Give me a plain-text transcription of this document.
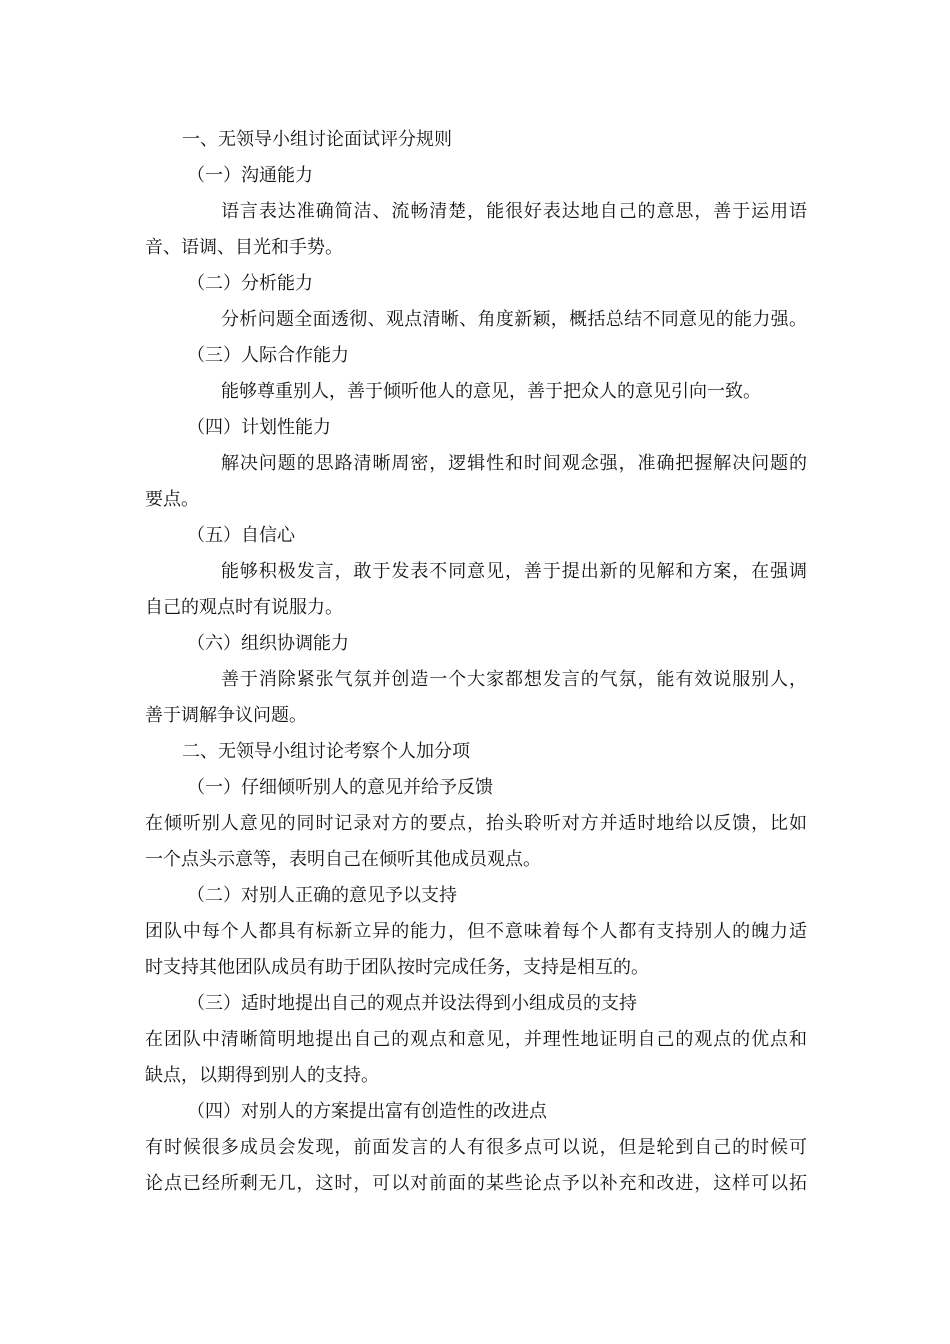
一、无领导小组讨论面试评分规则
（一）沟通能力
语言表达准确简洁、流畅清楚，能很好表达地自己的意思，善于运用语
音、语调、目光和手势。
（二）分析能力
分析问题全面透彻、观点清晰、角度新颖，概括总结不同意见的能力强。
（三）人际合作能力
能够尊重别人，善于倾听他人的意见，善于把众人的意见引向一致。
（四）计划性能力
解决问题的思路清晰周密，逻辑性和时间观念强，准确把握解决问题的
要点。
（五）自信心
能够积极发言，敢于发表不同意见，善于提出新的见解和方案，在强调
自己的观点时有说服力。
（六）组织协调能力
善于消除紧张气氛并创造一个大家都想发言的气氛，能有效说服别人，
善于调解争议问题。
二、无领导小组讨论考察个人加分项
（一）仔细倾听别人的意见并给予反馈
在倾听别人意见的同时记录对方的要点，抬头聆听对方并适时地给以反馈，比如
一个点头示意等，表明自己在倾听其他成员观点。
（二）对别人正确的意见予以支持
团队中每个人都具有标新立异的能力，但不意味着每个人都有支持别人的魄力适
时支持其他团队成员有助于团队按时完成任务，支持是相互的。
（三）适时地提出自己的观点并设法得到小组成员的支持
在团队中清晰简明地提出自己的观点和意见，并理性地证明自己的观点的优点和
缺点，以期得到别人的支持。
（四）对别人的方案提出富有创造性的改进点
有时候很多成员会发现，前面发言的人有很多点可以说，但是轮到自己的时候可
论点已经所剩无几，这时，可以对前面的某些论点予以补充和改进，这样可以拓
